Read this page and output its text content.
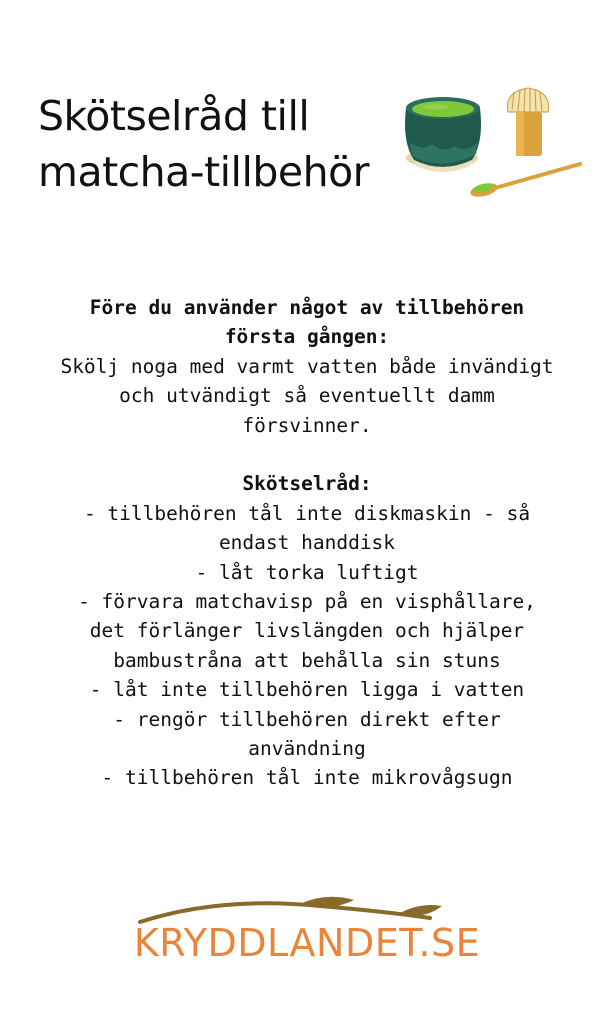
Skötselråd till
matcha-tillbehör

Före du använder något av tillbehören

första gången:

Skölj noga med varmt vatten både invändigt

och utvändigt så eventuellt damm

försvinner.

Skötselråd:

- tillbehören tål inte diskmaskin - så

endast handdisk

- låt torka luftigt

- förvara matchavisp på en visphållare,

det förlänger livslängden och hjälper

bambustråna att behålla sin stuns

- låt inte tillbehören ligga i vatten

- rengör tillbehören direkt efter

användning

- tillbehören tål inte mikrovågsugn

KRYDDLANDET.SE
